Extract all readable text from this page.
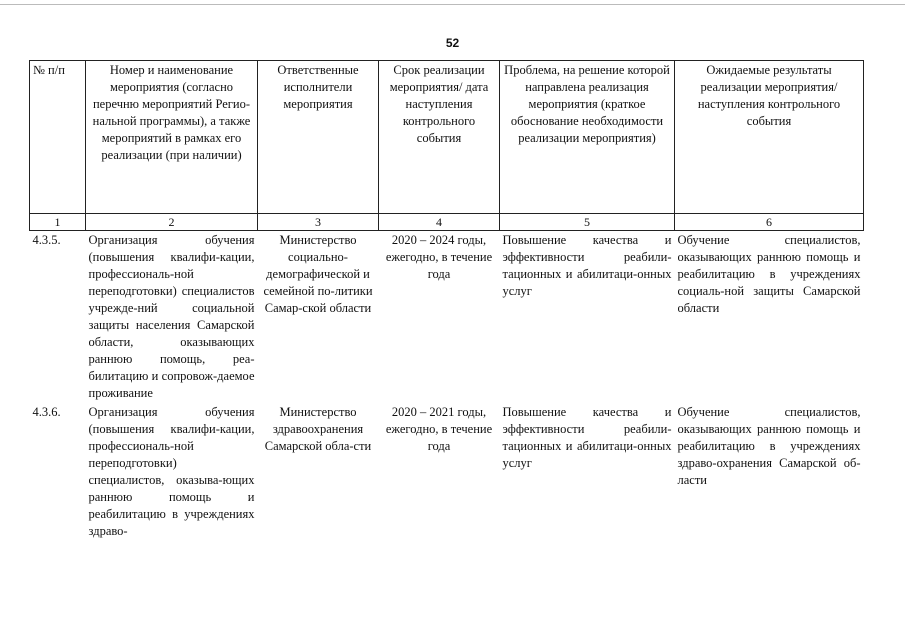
52
№ п/п	Номер и наименование мероприятия (согласно перечню мероприятий Регио-нальной программы), а также мероприятий в рамках его реализации (при наличии)	Ответственные исполнители мероприятия	Срок реализации мероприятия/ дата наступления контрольного события	Проблема, на решение которой направлена реализация мероприятия (краткое обоснование необходимости реализации мероприятия)	Ожидаемые результаты реализации мероприятия/ наступления контрольного события
1	2	3	4	5	6
4.3.5.	Организация обучения (повышения квалифи-кации, профессиональ-ной переподготовки) специалистов учрежде-ний социальной защиты населения Самарской области, оказывающих раннюю помощь, реа-билитацию и сопровож-даемое проживание	Министерство социально-демографической и семейной по-литики Самар-ской области	2020 – 2024 годы, ежегодно, в течение года	Повышение качества и эффективности реабили-тационных и абилитаци-онных услуг	Обучение специалистов, оказывающих раннюю помощь и реабилитацию в учреждениях социаль-ной защиты Самарской области
4.3.6.	Организация обучения (повышения квалифи-кации, профессиональ-ной переподготовки) специалистов, оказыва-ющих раннюю помощь и реабилитацию в учреждениях здраво-	Министерство здравоохранения Самарской обла-сти	2020 – 2021 годы, ежегодно, в течение года	Повышение качества и эффективности реабили-тационных и абилитаци-онных услуг	Обучение специалистов, оказывающих раннюю помощь и реабилитацию в учреждениях здраво-охранения Самарской об-ласти
